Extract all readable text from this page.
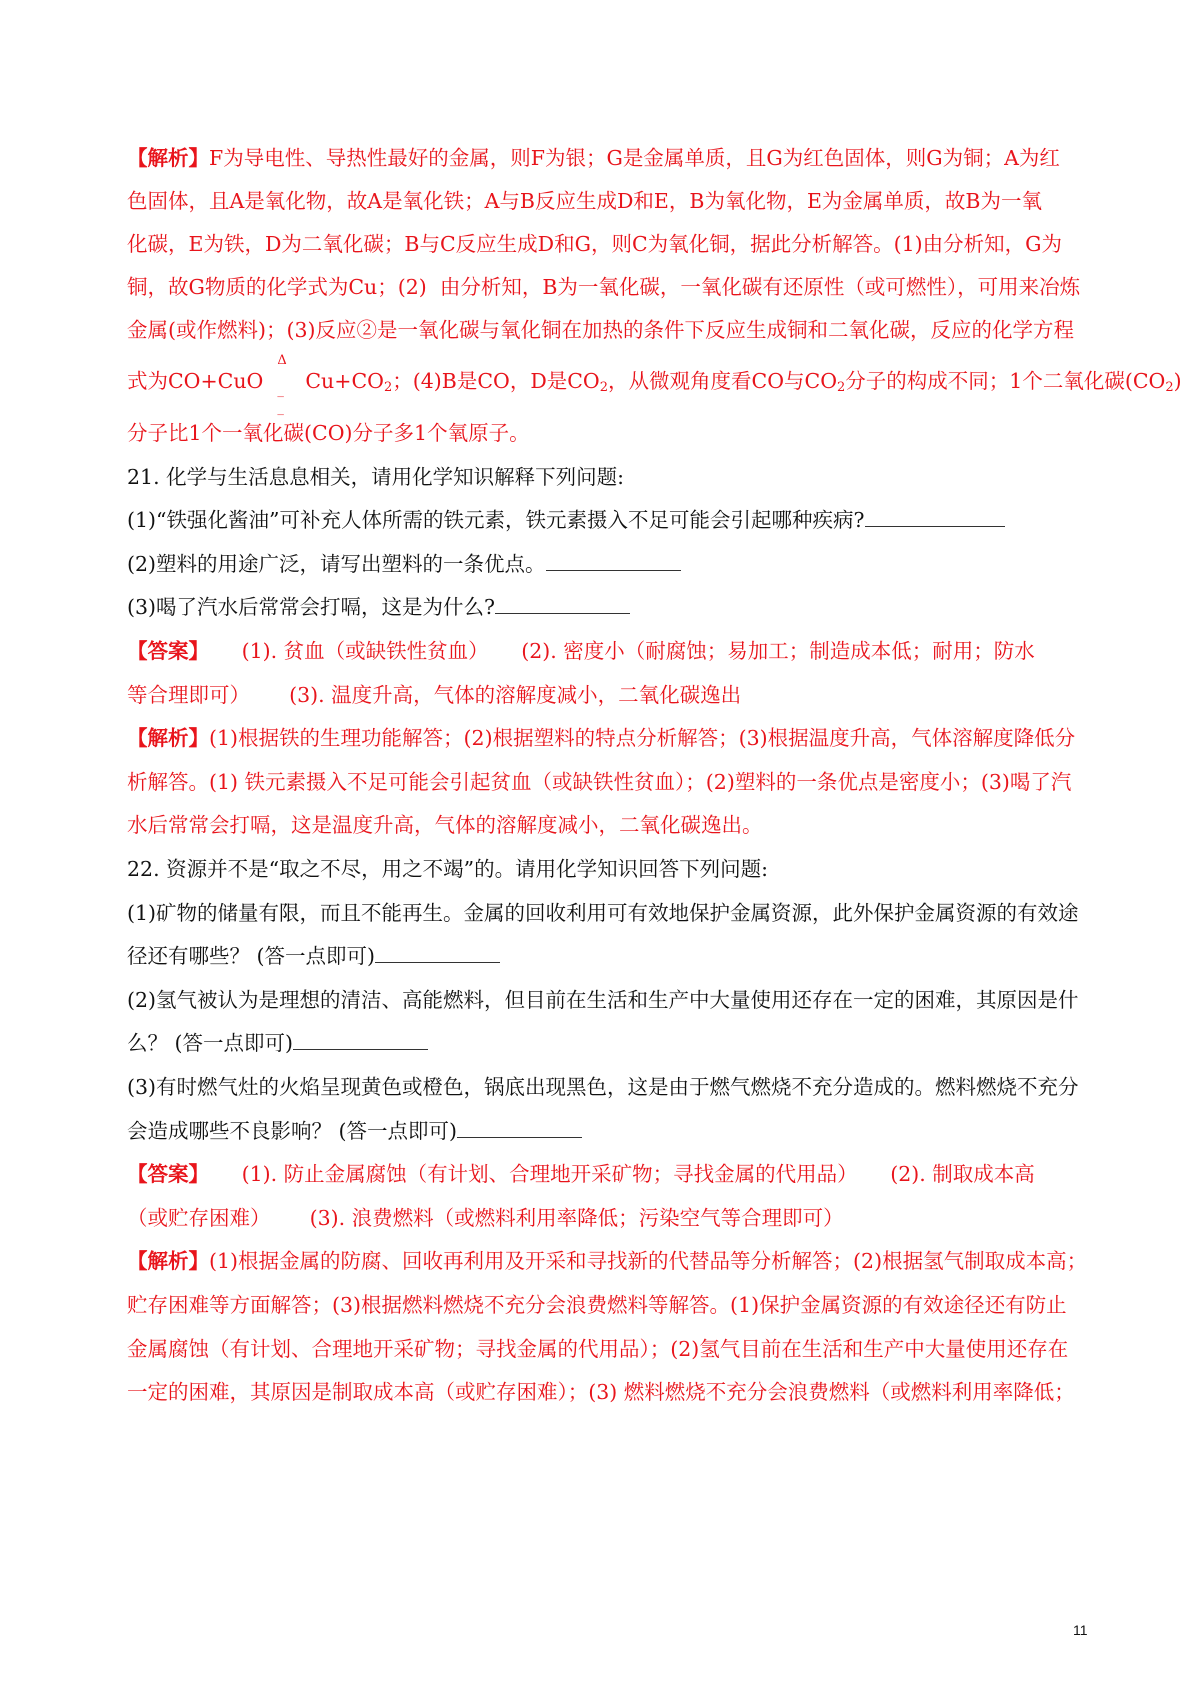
【解析】F为导电性、导热性最好的金属，则F为银；G是金属单质，且G为红色固体，则G为铜；A为红
色固体，且A是氧化物，故A是氧化铁；A与B反应生成D和E，B为氧化物，E为金属单质，故B为一氧
化碳，E为铁，D为二氧化碳；B与C反应生成D和G，则C为氧化铜，据此分析解答。(1)由分析知，G为
铜，故G物质的化学式为Cu；(2)  由分析知，B为一氧化碳，一氧化碳有还原性（或可燃性），可用来冶炼
金属(或作燃料)；(3)反应②是一氧化碳与氧化铜在加热的条件下反应生成铜和二氧化碳，反应的化学方程
式为CO+CuO
Δ
_
_
$Cu+CO_2$；(4)B是CO，D是$CO_2$，从微观角度看CO与$CO_2$分子的构成不同；1个二氧化碳$(CO_2)$
分子比1个一氧化碳(CO)分子多1个氧原子。
21. 化学与生活息息相关，请用化学知识解释下列问题:
(1)“铁强化酱油”可补充人体所需的铁元素，铁元素摄入不足可能会引起哪种疾病?
(2)塑料的用途广泛，请写出塑料的一条优点。
(3)喝了汽水后常常会打嗝，这是为什么?
【答案】     (1). 贫血（或缺铁性贫血）     (2). 密度小（耐腐蚀；易加工；制造成本低；耐用；防水
等合理即可）      (3). 温度升高，气体的溶解度减小，二氧化碳逸出
【解析】(1)根据铁的生理功能解答；(2)根据塑料的特点分析解答；(3)根据温度升高，气体溶解度降低分
析解答。(1) 铁元素摄入不足可能会引起贫血（或缺铁性贫血）；(2)塑料的一条优点是密度小；(3)喝了汽
水后常常会打嗝，这是温度升高，气体的溶解度减小，二氧化碳逸出。
22. 资源并不是“取之不尽，用之不竭”的。请用化学知识回答下列问题:
(1)矿物的储量有限，而且不能再生。金属的回收利用可有效地保护金属资源，此外保护金属资源的有效途
径还有哪些？ (答一点即可)
(2)氢气被认为是理想的清洁、高能燃料，但目前在生活和生产中大量使用还存在一定的困难，其原因是什
么？ (答一点即可)
(3)有时燃气灶的火焰呈现黄色或橙色，锅底出现黑色，这是由于燃气燃烧不充分造成的。燃料燃烧不充分
会造成哪些不良影响？ (答一点即可)
【答案】     (1). 防止金属腐蚀（有计划、合理地开采矿物；寻找金属的代用品）     (2). 制取成本高
（或贮存困难）      (3). 浪费燃料（或燃料利用率降低；污染空气等合理即可）
【解析】(1)根据金属的防腐、回收再利用及开采和寻找新的代替品等分析解答；(2)根据氢气制取成本高；
贮存困难等方面解答；(3)根据燃料燃烧不充分会浪费燃料等解答。(1)保护金属资源的有效途径还有防止
金属腐蚀（有计划、合理地开采矿物；寻找金属的代用品）；(2)氢气目前在生活和生产中大量使用还存在
一定的困难，其原因是制取成本高（或贮存困难）；(3) 燃料燃烧不充分会浪费燃料（或燃料利用率降低；
11
